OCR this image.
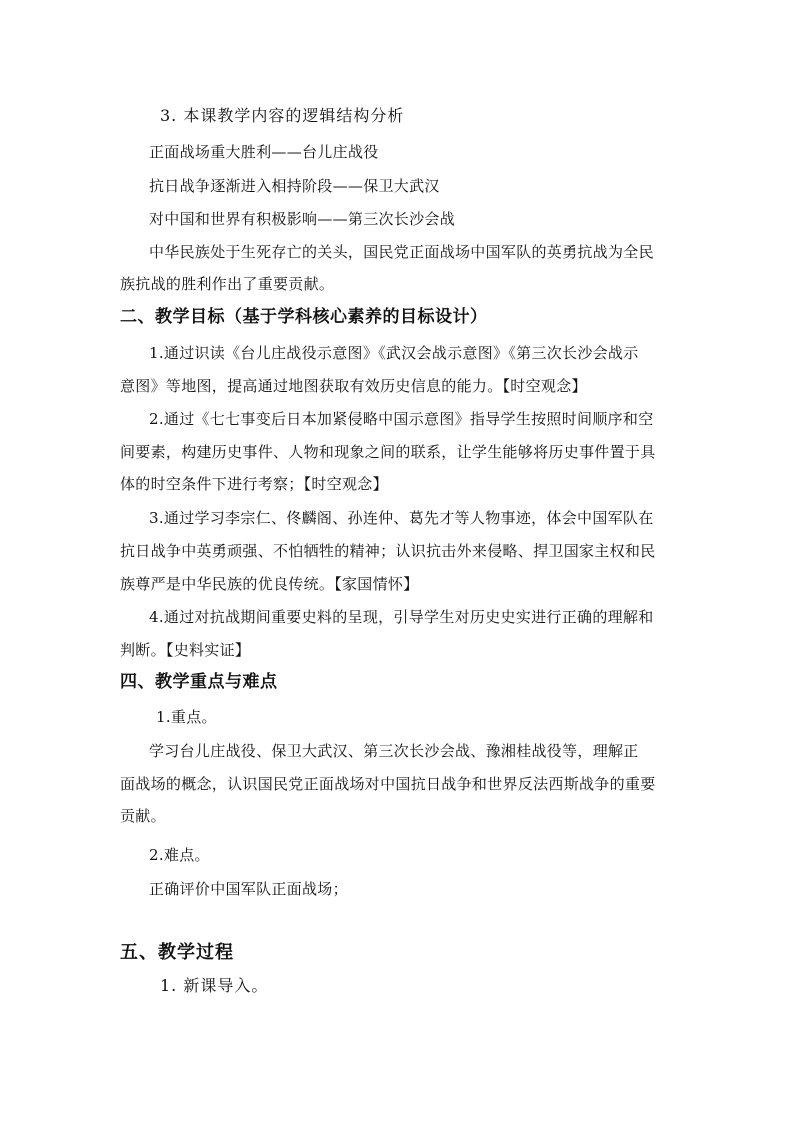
3. 本课教学内容的逻辑结构分析
正面战场重大胜利——台儿庄战役
抗日战争逐渐进入相持阶段——保卫大武汉
对中国和世界有积极影响——第三次长沙会战
中华民族处于生死存亡的关头，国民党正面战场中国军队的英勇抗战为全民
族抗战的胜利作出了重要贡献。
二、教学目标（基于学科核心素养的目标设计）
1.通过识读《台儿庄战役示意图》《武汉会战示意图》《第三次长沙会战示
意图》等地图，提高通过地图获取有效历史信息的能力。【时空观念】
2.通过《七七事变后日本加紧侵略中国示意图》指导学生按照时间顺序和空
间要素，构建历史事件、人物和现象之间的联系，让学生能够将历史事件置于具
体的时空条件下进行考察；【时空观念】
3.通过学习李宗仁、佟麟阁、孙连仲、葛先才等人物事迹，体会中国军队在
抗日战争中英勇顽强、不怕牺牲的精神；认识抗击外来侵略、捍卫国家主权和民
族尊严是中华民族的优良传统。【家国情怀】
4.通过对抗战期间重要史料的呈现，引导学生对历史史实进行正确的理解和
判断。【史料实证】
四、教学重点与难点
1.重点。
学习台儿庄战役、保卫大武汉、第三次长沙会战、豫湘桂战役等，理解正
面战场的概念，认识国民党正面战场对中国抗日战争和世界反法西斯战争的重要
贡献。
2.难点。
正确评价中国军队正面战场；
五、教学过程
1. 新课导入。
